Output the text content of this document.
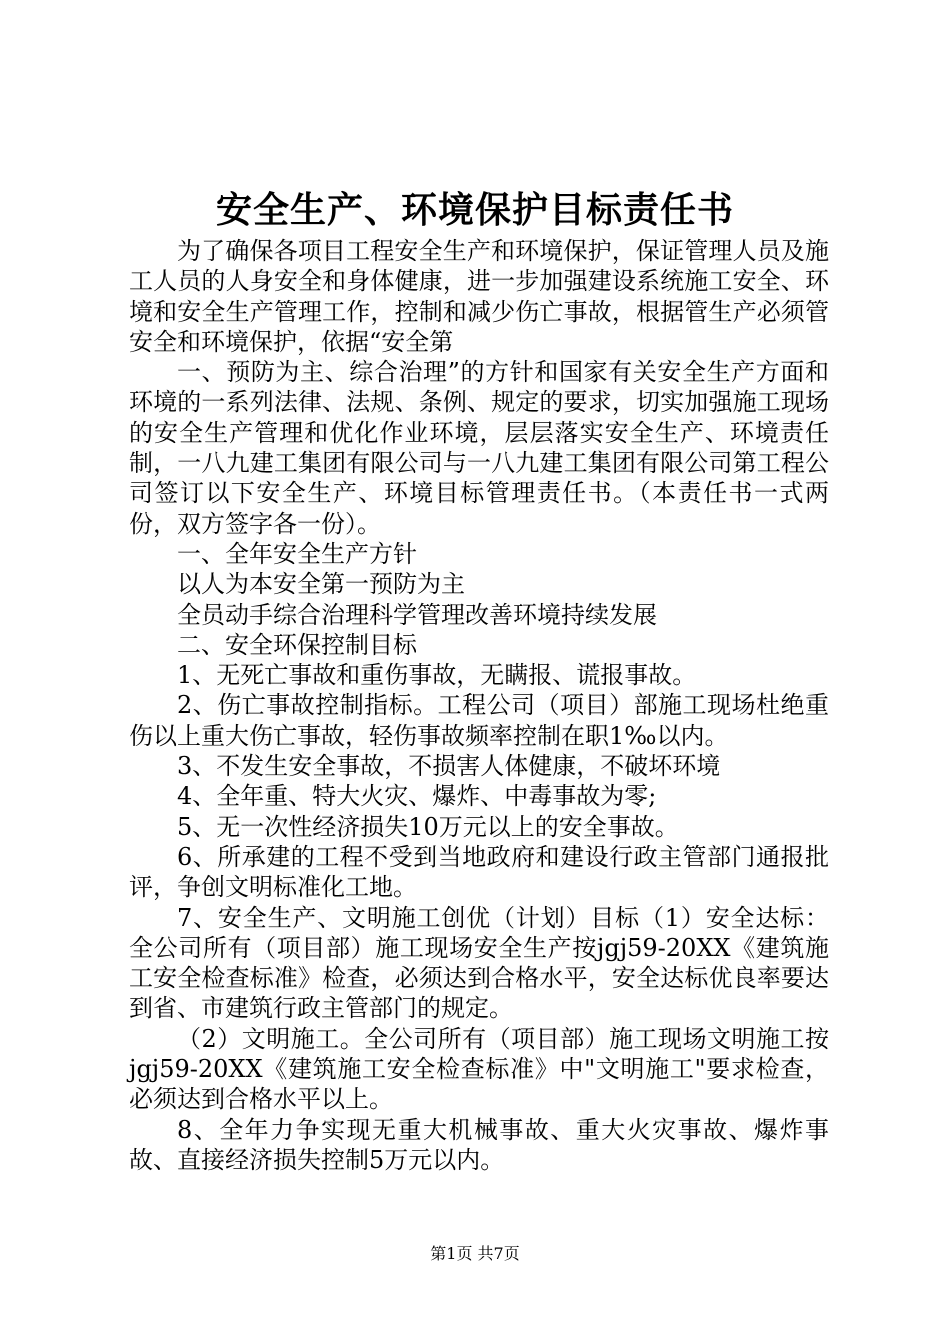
安全生产、环境保护目标责任书

为了确保各项目工程安全生产和环境保护，保证管理人员及施工人员的人身安全和身体健康，进一步加强建设系统施工安全、环境和安全生产管理工作，控制和减少伤亡事故，根据管生产必须管安全和环境保护，依据“安全第

一、预防为主、综合治理”的方针和国家有关安全生产方面和环境的一系列法律、法规、条例、规定的要求，切实加强施工现场的安全生产管理和优化作业环境，层层落实安全生产、环境责任制，一八九建工集团有限公司与一八九建工集团有限公司第工程公司签订以下安全生产、环境目标管理责任书。（本责任书一式两份，双方签字各一份）。

一、全年安全生产方针

以人为本安全第一预防为主

全员动手综合治理科学管理改善环境持续发展

二、安全环保控制目标

1、无死亡事故和重伤事故，无瞒报、谎报事故。

2、伤亡事故控制指标。工程公司（项目）部施工现场杜绝重伤以上重大伤亡事故，轻伤事故频率控制在职1‰以内。

3、不发生安全事故，不损害人体健康，不破坏环境

4、全年重、特大火灾、爆炸、中毒事故为零;

5、无一次性经济损失10万元以上的安全事故。

6、所承建的工程不受到当地政府和建设行政主管部门通报批评，争创文明标准化工地。

7、安全生产、文明施工创优（计划）目标（1）安全达标：全公司所有（项目部）施工现场安全生产按jgj59-20XX《建筑施工安全检查标准》检查，必须达到合格水平，安全达标优良率要达到省、市建筑行政主管部门的规定。

（2）文明施工。全公司所有（项目部）施工现场文明施工按jgj59-20XX《建筑施工安全检查标准》中"文明施工"要求检查，必须达到合格水平以上。

8、全年力争实现无重大机械事故、重大火灾事故、爆炸事故、直接经济损失控制5万元以内。

第1页 共7页
